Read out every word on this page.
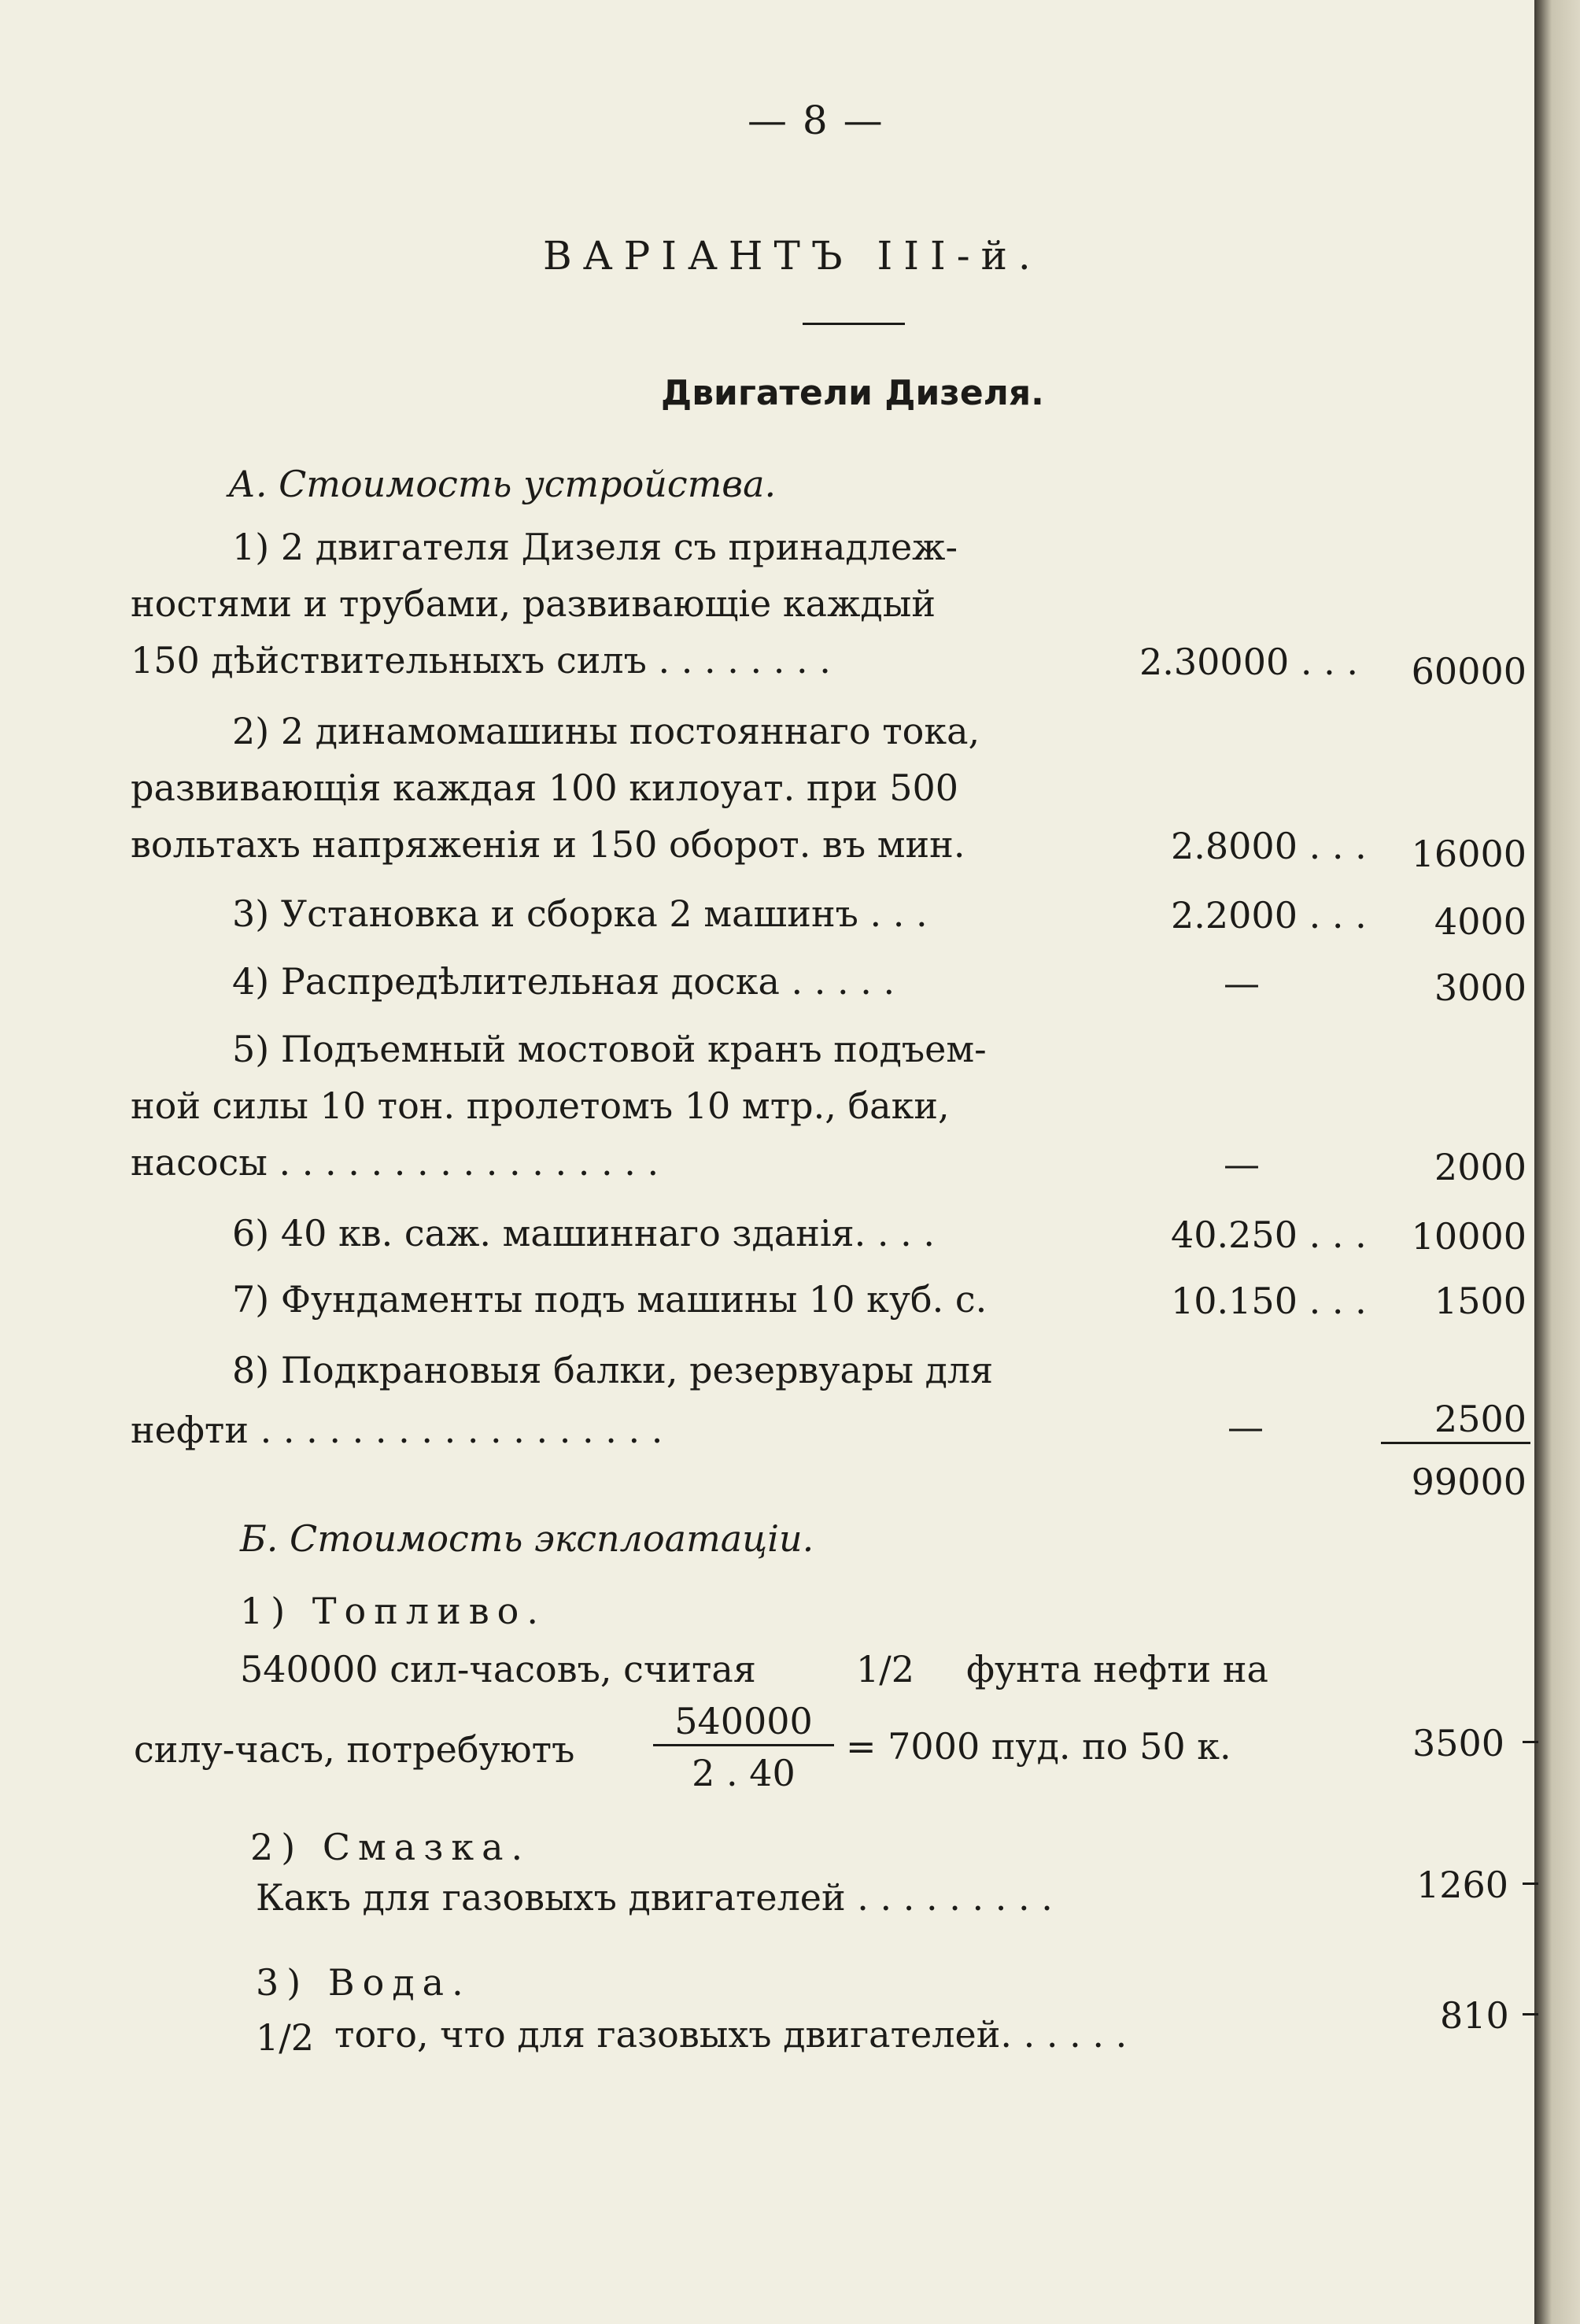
— 8 —
ВАРІАНТЪ III-й.
Двигатели Дизеля.
А. Стоимость устройства.
1) 2 двигателя Дизеля съ принадлеж-
ностями и трубами, развивающіе каждый
150 дѣйствительныхъ силъ . . . . . . . .	2.30000 . . .	60000
2) 2 динамомашины постояннаго тока,
развивающія каждая 100 килоуат. при 500
вольтахъ напряженія и 150 оборот. въ мин.	2.8000 . . .	16000
3) Установка и сборка 2 машинъ . . .	2.2000 . . .	4000
4) Распредѣлительная доска . . . . .	—	3000
5) Подъемный мостовой кранъ подъем-
ной силы 10 тон. пролетомъ 10 мтр., баки,
насосы . . . . . . . . . . . . . . . . .	—	2000
6) 40 кв. саж. машиннаго зданія. . . .	40.250 . . .	10000
7) Фундаменты подъ машины 10 куб. с.	10.150 . . .	1500
8) Подкрановыя балки, резервуары для
нефти . . . . . . . . . . . . . . . . . .	—	2500
99000
Б. Стоимость эксплоатаціи.
1) Топливо.
540000 сил-часовъ, считая	1/2 фунта нефти на
силу-часъ, потребуютъ
540000
2 . 40
= 7000 пуд. по 50 к.	3500
2) Смазка.
Какъ для газовыхъ двигателей . . . . . . . . .	1260
3) Вода.
1/2 того, что для газовыхъ двигателей. . . . . .	810
